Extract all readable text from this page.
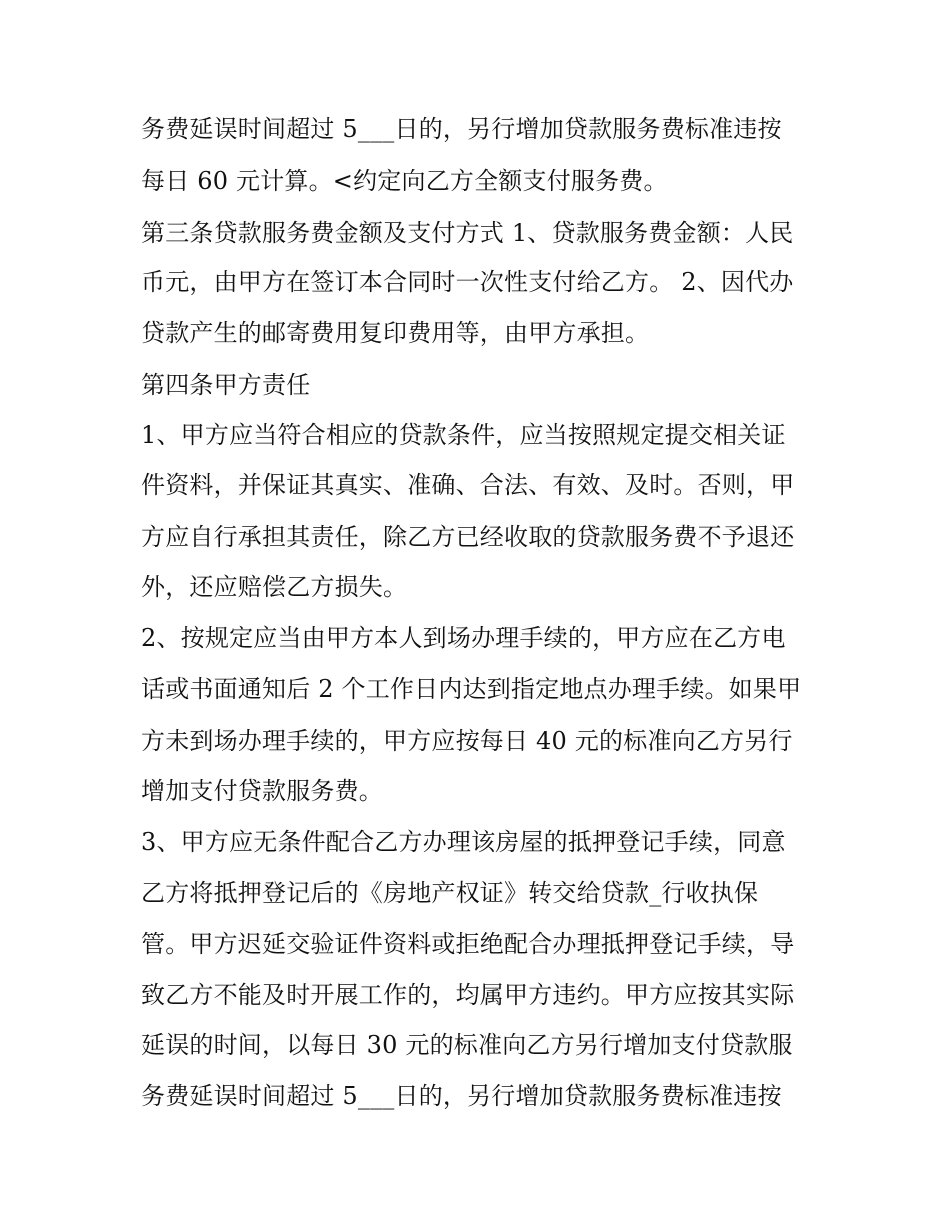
务费延误时间超过 5___日的，另行增加贷款服务费标准违按
每日 60 元计算。<约定向乙方全额支付服务费。
第三条贷款服务费金额及支付方式 1、贷款服务费金额：人民
币元，由甲方在签订本合同时一次性支付给乙方。 2、因代办
贷款产生的邮寄费用复印费用等，由甲方承担。
第四条甲方责任
1、甲方应当符合相应的贷款条件，应当按照规定提交相关证
件资料，并保证其真实、准确、合法、有效、及时。否则，甲
方应自行承担其责任，除乙方已经收取的贷款服务费不予退还
外，还应赔偿乙方损失。
2、按规定应当由甲方本人到场办理手续的，甲方应在乙方电
话或书面通知后 2 个工作日内达到指定地点办理手续。如果甲
方未到场办理手续的，甲方应按每日 40 元的标准向乙方另行
增加支付贷款服务费。
3、甲方应无条件配合乙方办理该房屋的抵押登记手续，同意
乙方将抵押登记后的《房地产权证》转交给贷款_行收执保
管。甲方迟延交验证件资料或拒绝配合办理抵押登记手续，导
致乙方不能及时开展工作的，均属甲方违约。甲方应按其实际
延误的时间，以每日 30 元的标准向乙方另行增加支付贷款服
务费延误时间超过 5___日的，另行增加贷款服务费标准违按
